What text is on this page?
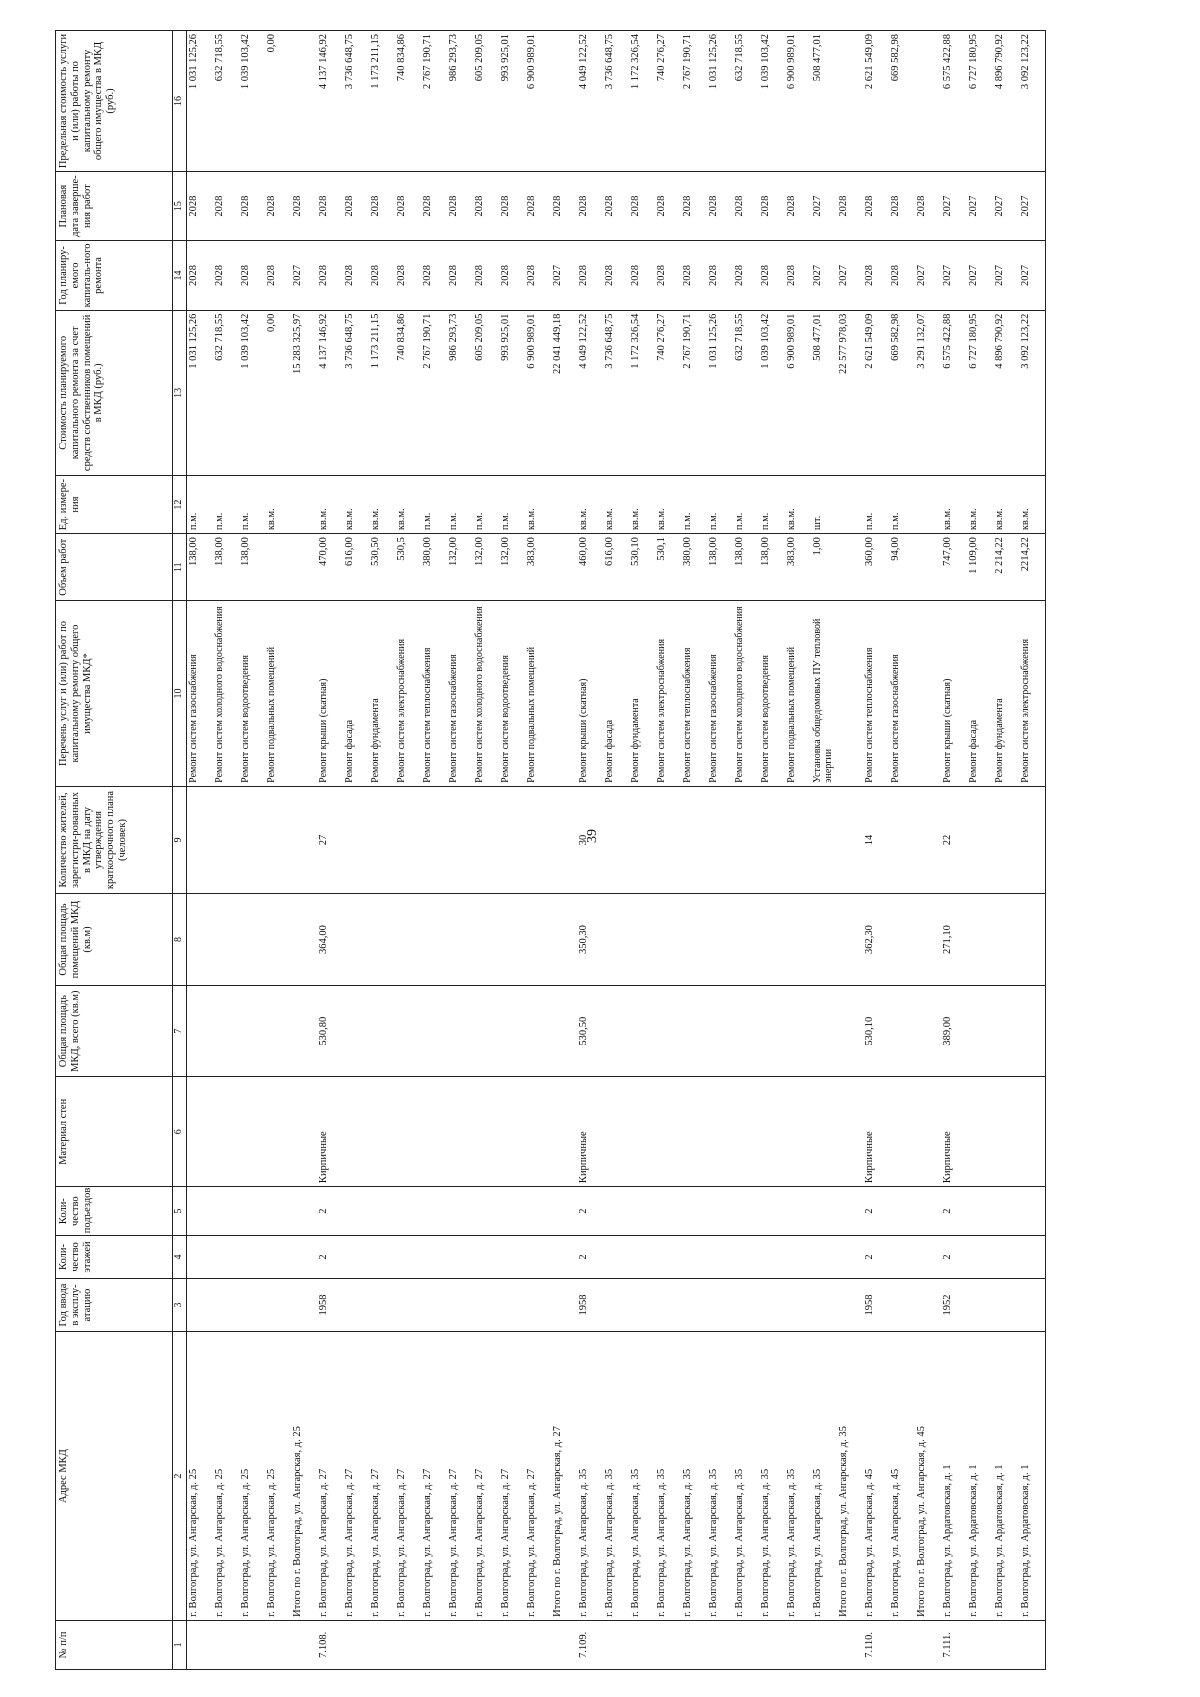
39
№ п/п	Адрес МКД	Год ввода в эксплу-атацию	Коли-чество этажей	Коли-чество подъездов	Материал стен	Общая площадь МКД, всего (кв.м)	Общая площадь помещений МКД (кв.м)	Количество жителей, зарегистри-рованных в МКД на дату утверждения краткосрочного плана (человек)	Перечень услуг и (или) работ по капитальному ремонту общего имущества МКД*	Объем работ	Ед. измере-ния	Стоимость планируемого капитального ремонта за счет средств собственников помещений в МКД (руб.)	Год планиру-емого капиталь-ного ремонта	Плановая дата заверше-ния работ	Предельная стоимость услуги и (или) работы по капитальному ремонту общего имущества в МКД (руб.)
1	2	3	4	5	6	7	8	9	10	11	12	13	14	15	16
	г. Волгоград, ул. Ангарская, д. 25								Ремонт систем газоснабжения	138,00	п.м.	1 031 125,26	2028	2028	1 031 125,26
	г. Волгоград, ул. Ангарская, д. 25								Ремонт систем холодного водоснабжения	138,00	п.м.	632 718,55	2028	2028	632 718,55
	г. Волгоград, ул. Ангарская, д. 25								Ремонт систем водоотведения	138,00	п.м.	1 039 103,42	2028	2028	1 039 103,42
	г. Волгоград, ул. Ангарская, д. 25								Ремонт подвальных помещений		кв.м.	0,00	2028	2028	0,00
	Итого по г. Волгоград, ул. Ангарская, д. 25											15 283 325,97	2027	2028	
7.108.	г. Волгоград, ул. Ангарская, д. 27	1958	2	2	Кирпичные	530,80	364,00	27	Ремонт крыши (скатная)	470,00	кв.м.	4 137 146,92	2028	2028	4 137 146,92
	г. Волгоград, ул. Ангарская, д. 27								Ремонт фасада	616,00	кв.м.	3 736 648,75	2028	2028	3 736 648,75
	г. Волгоград, ул. Ангарская, д. 27								Ремонт фундамента	530,50	кв.м.	1 173 211,15	2028	2028	1 173 211,15
	г. Волгоград, ул. Ангарская, д. 27								Ремонт систем электроснабжения	530,5	кв.м.	740 834,86	2028	2028	740 834,86
	г. Волгоград, ул. Ангарская, д. 27								Ремонт систем теплоснабжения	380,00	п.м.	2 767 190,71	2028	2028	2 767 190,71
	г. Волгоград, ул. Ангарская, д. 27								Ремонт систем газоснабжения	132,00	п.м.	986 293,73	2028	2028	986 293,73
	г. Волгоград, ул. Ангарская, д. 27								Ремонт систем холодного водоснабжения	132,00	п.м.	605 209,05	2028	2028	605 209,05
	г. Волгоград, ул. Ангарская, д. 27								Ремонт систем водоотведения	132,00	п.м.	993 925,01	2028	2028	993 925,01
	г. Волгоград, ул. Ангарская, д. 27								Ремонт подвальных помещений	383,00	кв.м.	6 900 989,01	2028	2028	6 900 989,01
	Итого по г. Волгоград, ул. Ангарская, д. 27											22 041 449,18	2027	2028	
7.109.	г. Волгоград, ул. Ангарская, д. 35	1958	2	2	Кирпичные	530,50	350,30	30	Ремонт крыши (скатная)	460,00	кв.м.	4 049 122,52	2028	2028	4 049 122,52
	г. Волгоград, ул. Ангарская, д. 35								Ремонт фасада	616,00	кв.м.	3 736 648,75	2028	2028	3 736 648,75
	г. Волгоград, ул. Ангарская, д. 35								Ремонт фундамента	530,10	кв.м.	1 172 326,54	2028	2028	1 172 326,54
	г. Волгоград, ул. Ангарская, д. 35								Ремонт систем электроснабжения	530,1	кв.м.	740 276,27	2028	2028	740 276,27
	г. Волгоград, ул. Ангарская, д. 35								Ремонт систем теплоснабжения	380,00	п.м.	2 767 190,71	2028	2028	2 767 190,71
	г. Волгоград, ул. Ангарская, д. 35								Ремонт систем газоснабжения	138,00	п.м.	1 031 125,26	2028	2028	1 031 125,26
	г. Волгоград, ул. Ангарская, д. 35								Ремонт систем холодного водоснабжения	138,00	п.м.	632 718,55	2028	2028	632 718,55
	г. Волгоград, ул. Ангарская, д. 35								Ремонт систем водоотведения	138,00	п.м.	1 039 103,42	2028	2028	1 039 103,42
	г. Волгоград, ул. Ангарская, д. 35								Ремонт подвальных помещений	383,00	кв.м.	6 900 989,01	2028	2028	6 900 989,01
	г. Волгоград, ул. Ангарская, д. 35								Установка общедомовых ПУ тепловой энергии	1,00	шт.	508 477,01	2027	2027	508 477,01
	Итого по г. Волгоград, ул. Ангарская, д. 35											22 577 978,03	2027	2028	
7.110.	г. Волгоград, ул. Ангарская, д. 45	1958	2	2	Кирпичные	530,10	362,30	14	Ремонт систем теплоснабжения	360,00	п.м.	2 621 549,09	2028	2028	2 621 549,09
	г. Волгоград, ул. Ангарская, д. 45								Ремонт систем газоснабжения	94,00	п.м.	669 582,98	2028	2028	669 582,98
	Итого по г. Волгоград, ул. Ангарская, д. 45											3 291 132,07	2027	2028	
7.111.	г. Волгоград, ул. Ардатовская, д. 1	1952	2	2	Кирпичные	389,00	271,10	22	Ремонт крыши (скатная)	747,00	кв.м.	6 575 422,88	2027	2027	6 575 422,88
	г. Волгоград, ул. Ардатовская, д. 1								Ремонт фасада	1 109,00	кв.м.	6 727 180,95	2027	2027	6 727 180,95
	г. Волгоград, ул. Ардатовская, д. 1								Ремонт фундамента	2 214,22	кв.м.	4 896 790,92	2027	2027	4 896 790,92
	г. Волгоград, ул. Ардатовская, д. 1								Ремонт систем электроснабжения	2214,22	кв.м.	3 092 123,22	2027	2027	3 092 123,22
